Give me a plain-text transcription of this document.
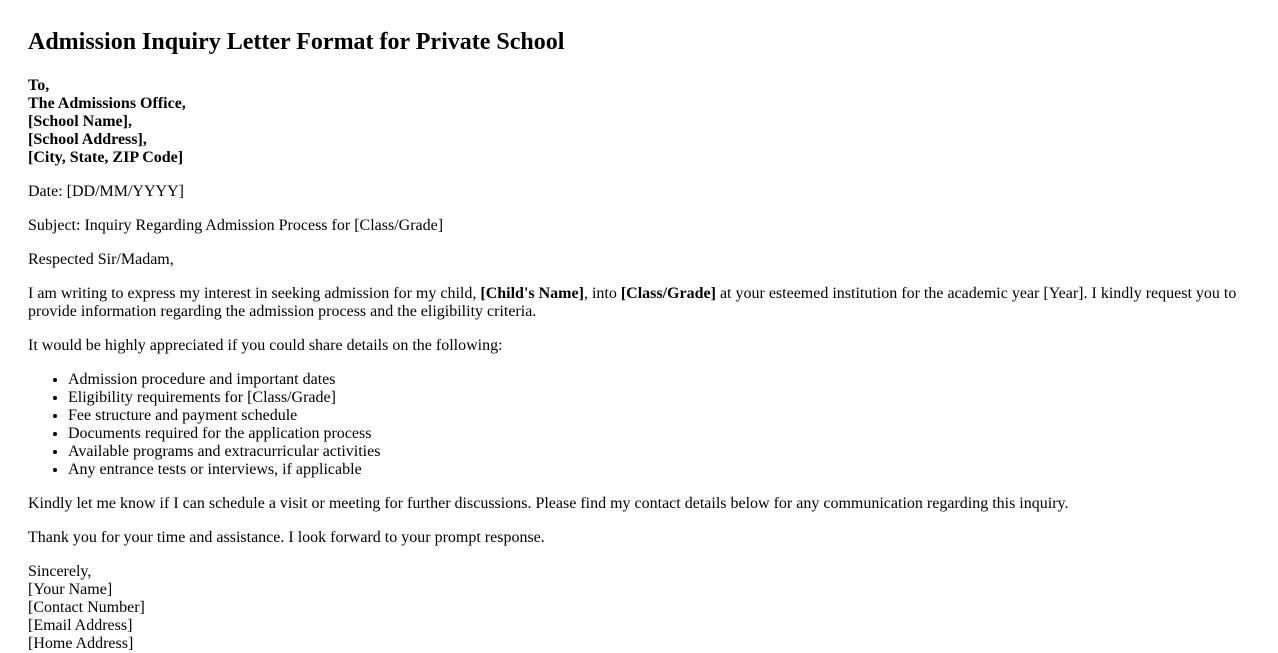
Admission Inquiry Letter Format for Private School
To,
The Admissions Office,
[School Name],
[School Address],
[City, State, ZIP Code]

Date: [DD/MM/YYYY]

Subject: Inquiry Regarding Admission Process for [Class/Grade]

Respected Sir/Madam,

I am writing to express my interest in seeking admission for my child, [Child's Name], into [Class/Grade] at your esteemed institution for the academic year [Year]. I kindly request you to provide information regarding the admission process and the eligibility criteria.

It would be highly appreciated if you could share details on the following:

• Admission procedure and important dates
• Eligibility requirements for [Class/Grade]
• Fee structure and payment schedule
• Documents required for the application process
• Available programs and extracurricular activities
• Any entrance tests or interviews, if applicable

Kindly let me know if I can schedule a visit or meeting for further discussions. Please find my contact details below for any communication regarding this inquiry.

Thank you for your time and assistance. I look forward to your prompt response.

Sincerely,
[Your Name]
[Contact Number]
[Email Address]
[Home Address]
